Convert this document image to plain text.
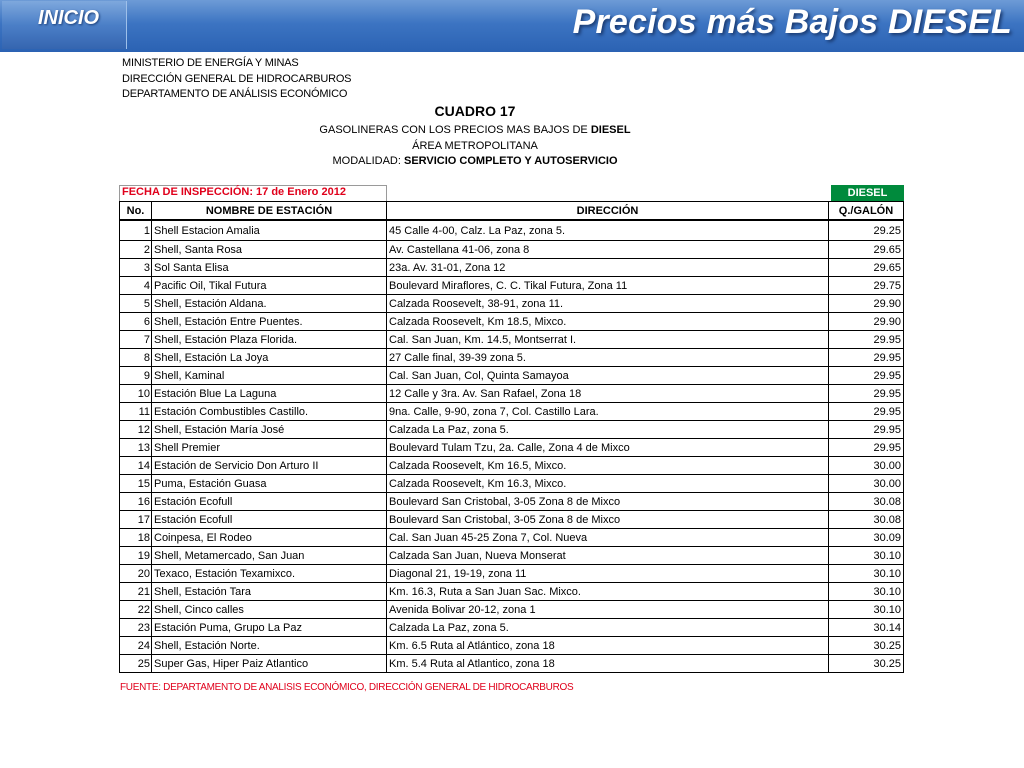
INICIO	Precios más Bajos DIESEL
MINISTERIO DE ENERGÍA Y MINAS
DIRECCIÓN GENERAL DE HIDROCARBUROS
DEPARTAMENTO DE ANÁLISIS ECONÓMICO
CUADRO 17
GASOLINERAS CON LOS PRECIOS MAS BAJOS DE DIESEL
ÁREA METROPOLITANA
MODALIDAD: SERVICIO COMPLETO Y AUTOSERVICIO
FECHA DE INSPECCIÓN: 17 de Enero 2012	DIESEL
No.	NOMBRE DE ESTACIÓN	DIRECCIÓN	Q./GALÓN
1	Shell Estacion Amalia	45 Calle 4-00, Calz. La Paz, zona 5.	29.25
2	Shell, Santa Rosa	Av. Castellana 41-06, zona 8	29.65
3	Sol Santa Elisa	23a. Av. 31-01, Zona 12	29.65
4	Pacific Oil, Tikal Futura	Boulevard Miraflores, C. C. Tikal Futura, Zona 11	29.75
5	Shell, Estación Aldana.	Calzada Roosevelt, 38-91, zona 11.	29.90
6	Shell, Estación Entre Puentes.	Calzada Roosevelt, Km 18.5, Mixco.	29.90
7	Shell, Estación Plaza Florida.	Cal. San Juan, Km. 14.5, Montserrat I.	29.95
8	Shell, Estación La Joya	27 Calle final, 39-39 zona 5.	29.95
9	Shell, Kaminal	Cal. San Juan, Col, Quinta Samayoa	29.95
10	Estación Blue La Laguna	12 Calle y 3ra. Av. San Rafael, Zona 18	29.95
11	Estación Combustibles Castillo.	9na. Calle, 9-90, zona 7, Col. Castillo Lara.	29.95
12	Shell, Estación María José	Calzada La Paz, zona 5.	29.95
13	Shell Premier	Boulevard Tulam Tzu, 2a. Calle, Zona 4 de Mixco	29.95
14	Estación de Servicio Don Arturo II	Calzada Roosevelt, Km 16.5, Mixco.	30.00
15	Puma, Estación Guasa	Calzada Roosevelt, Km 16.3, Mixco.	30.00
16	Estación Ecofull	Boulevard San Cristobal, 3-05 Zona 8 de Mixco	30.08
17	Estación Ecofull	Boulevard San Cristobal, 3-05 Zona 8 de Mixco	30.08
18	Coinpesa, El Rodeo	Cal. San Juan 45-25 Zona 7, Col. Nueva	30.09
19	Shell, Metamercado, San Juan	Calzada San Juan, Nueva Monserat	30.10
20	Texaco, Estación Texamixco.	Diagonal 21, 19-19, zona 11	30.10
21	Shell, Estación Tara	Km. 16.3, Ruta a San Juan Sac. Mixco.	30.10
22	Shell, Cinco calles	Avenida Bolivar 20-12, zona 1	30.10
23	Estación Puma, Grupo La Paz	Calzada La Paz, zona 5.	30.14
24	Shell, Estación Norte.	Km. 6.5 Ruta al Atlántico, zona 18	30.25
25	Super Gas, Hiper Paiz Atlantico	Km. 5.4 Ruta al Atlantico, zona 18	30.25
FUENTE: DEPARTAMENTO DE ANALISIS ECONÓMICO, DIRECCIÓN GENERAL DE HIDROCARBUROS
